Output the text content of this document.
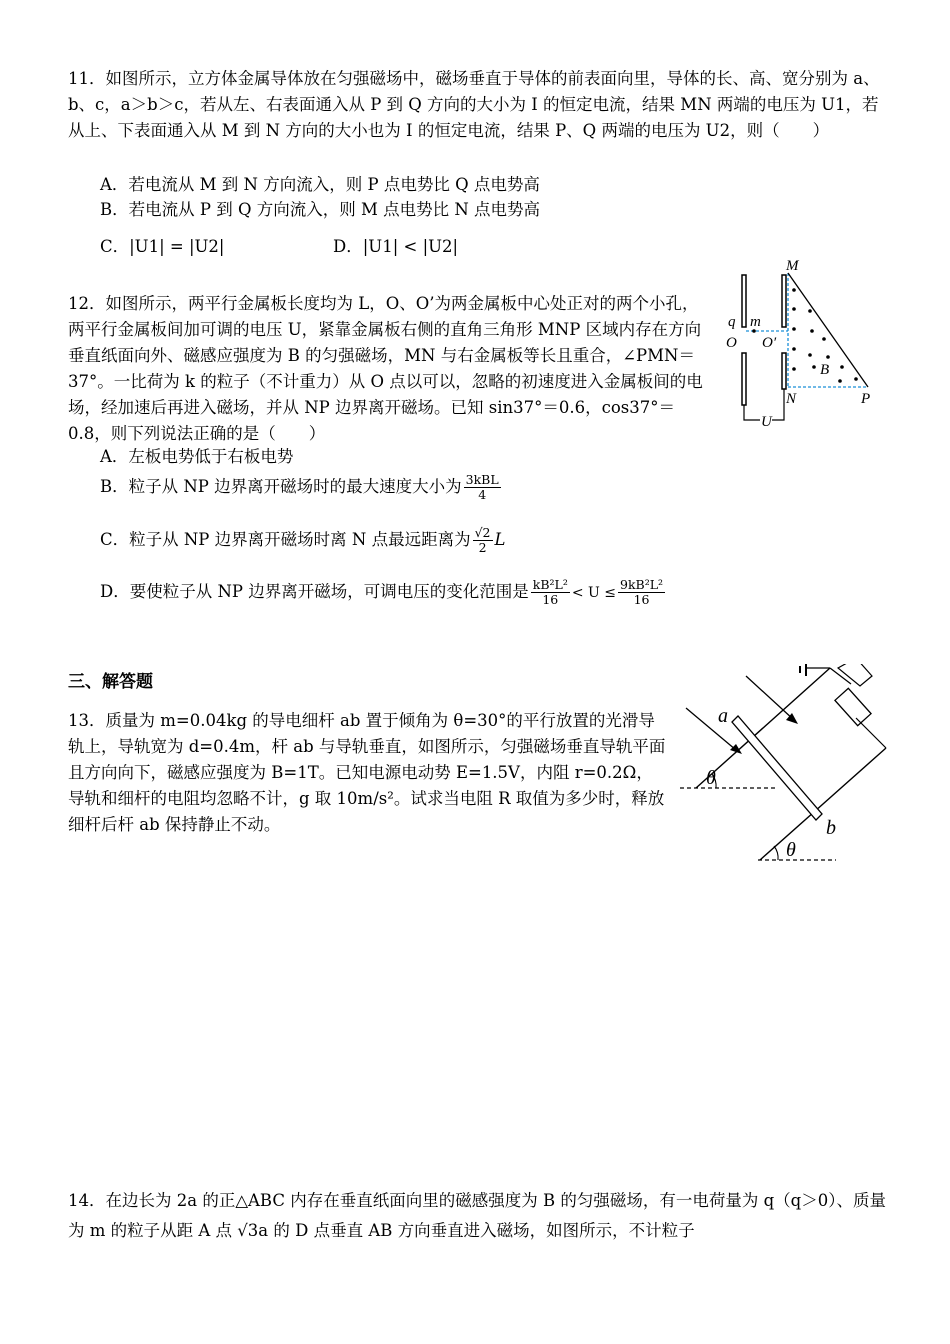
11．如图所示，立方体金属导体放在匀强磁场中，磁场垂直于导体的前表面向里，导体的长、高、宽分别为 a、b、c，a＞b＞c，若从左、右表面通入从 P 到 Q 方向的大小为 I 的恒定电流，结果 MN 两端的电压为 U1，若从上、下表面通入从 M 到 N 方向的大小也为 I 的恒定电流，结果 P、Q 两端的电压为 U2，则（　　）

A．若电流从 M 到 N 方向流入，则 P 点电势比 Q 点电势高
B．若电流从 P 到 Q 方向流入，则 M 点电势比 N 点电势高
C．|U1| = |U2|	D．|U1| < |U2|

12．如图所示，两平行金属板长度均为 L，O、O’为两金属板中心处正对的两个小孔，两平行金属板间加可调的电压 U，紧靠金属板右侧的直角三角形 MNP 区域内存在方向垂直纸面向外、磁感应强度为 B 的匀强磁场，MN 与右金属板等长且重合，∠PMN＝37°。一比荷为 k 的粒子（不计重力）从 O 点以可以，忽略的初速度进入金属板间的电场，经加速后再进入磁场，并从 NP 边界离开磁场。已知 sin37°＝0.6，cos37°＝0.8，则下列说法正确的是（　　）

A．左板电势低于右板电势
B．粒子从 NP 边界离开磁场时的最大速度大小为 $\frac{\text{3kBL}}{4}$
C．粒子从 NP 边界离开磁场时离 N 点最远距离为 $\frac{√2}{2}$ L
D．要使粒子从 NP 边界离开磁场，可调电压的变化范围是 $\frac{\text{kB²L²}}{16} < U \le \frac{\text{9kB²L²}}{16}$
M
N	P
O O′
q m
B
U
三、解答题

13．质量为 m=0.04kg 的导电细杆 ab 置于倾角为 θ=30°的平行放置的光滑导轨上，导轨宽为 d=0.4m，杆 ab 与导轨垂直，如图所示，匀强磁场垂直导轨平面且方向向下，磁感应强度为 B=1T。已知电源电动势 E=1.5V，内阻 r=0.2Ω，导轨和细杆的电阻均忽略不计，g 取 10m/s²。试求当电阻 R 取值为多少时，释放细杆后杆 ab 保持静止不动。

a
b
θ
θ

14．在边长为 2a 的正△ABC 内存在垂直纸面向里的磁感强度为 B 的匀强磁场，有一电荷量为 q（q＞0）、质量为 m 的粒子从距 A 点 √3a 的 D 点垂直 AB 方向垂直进入磁场，如图所示，不计粒子
